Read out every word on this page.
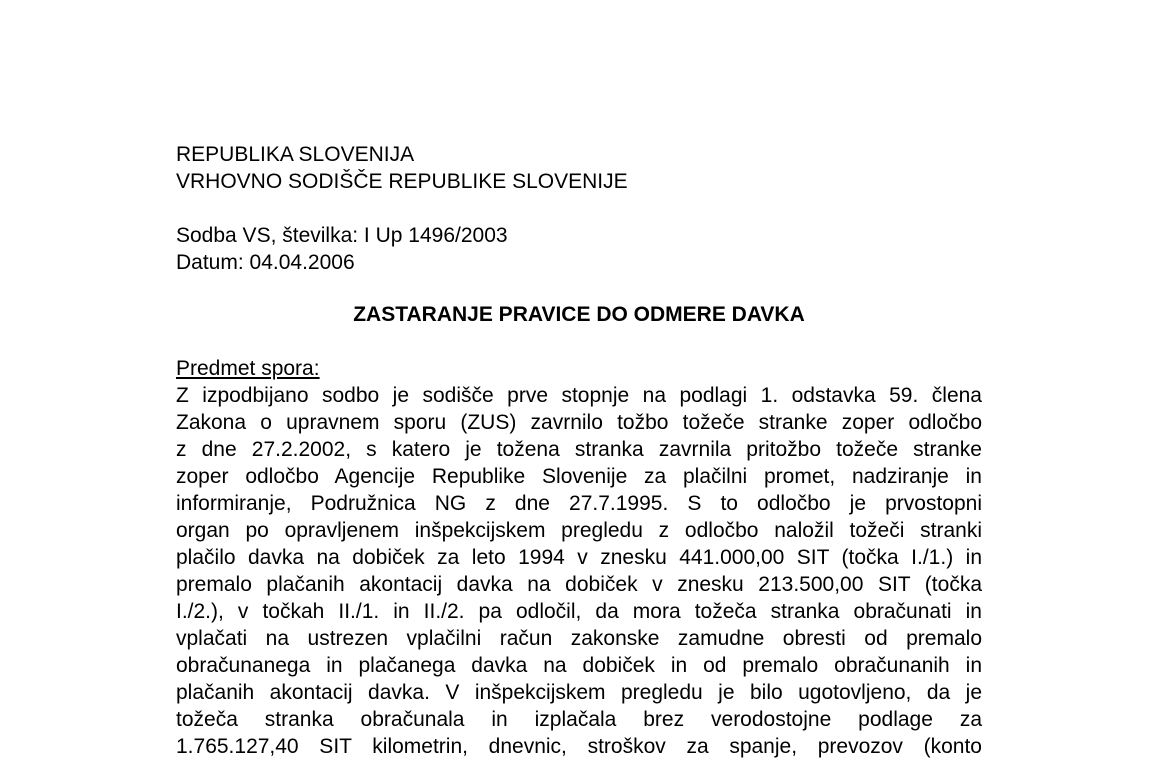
REPUBLIKA SLOVENIJA
VRHOVNO SODIŠČE REPUBLIKE SLOVENIJE
Sodba VS, številka: I Up 1496/2003
Datum: 04.04.2006
ZASTARANJE PRAVICE DO ODMERE DAVKA
Predmet spora:
Z izpodbijano sodbo je sodišče prve stopnje na podlagi 1. odstavka 59. člena
Zakona o upravnem sporu (ZUS) zavrnilo tožbo tožeče stranke zoper odločbo
z dne 27.2.2002, s katero je tožena stranka zavrnila pritožbo tožeče stranke
zoper odločbo Agencije Republike Slovenije za plačilni promet, nadziranje in
informiranje, Podružnica NG z dne 27.7.1995. S to odločbo je prvostopni
organ po opravljenem inšpekcijskem pregledu z odločbo naložil tožeči stranki
plačilo davka na dobiček za leto 1994 v znesku 441.000,00 SIT (točka I./1.) in
premalo plačanih akontacij davka na dobiček v znesku 213.500,00 SIT (točka
I./2.), v točkah II./1. in II./2. pa odločil, da mora tožeča stranka obračunati in
vplačati na ustrezen vplačilni račun zakonske zamudne obresti od premalo
obračunanega in plačanega davka na dobiček in od premalo obračunanih in
plačanih akontacij davka. V inšpekcijskem pregledu je bilo ugotovljeno, da je
tožeča stranka obračunala in izplačala brez verodostojne podlage za
1.765.127,40 SIT kilometrin, dnevnic, stroškov za spanje, prevozov (konto
